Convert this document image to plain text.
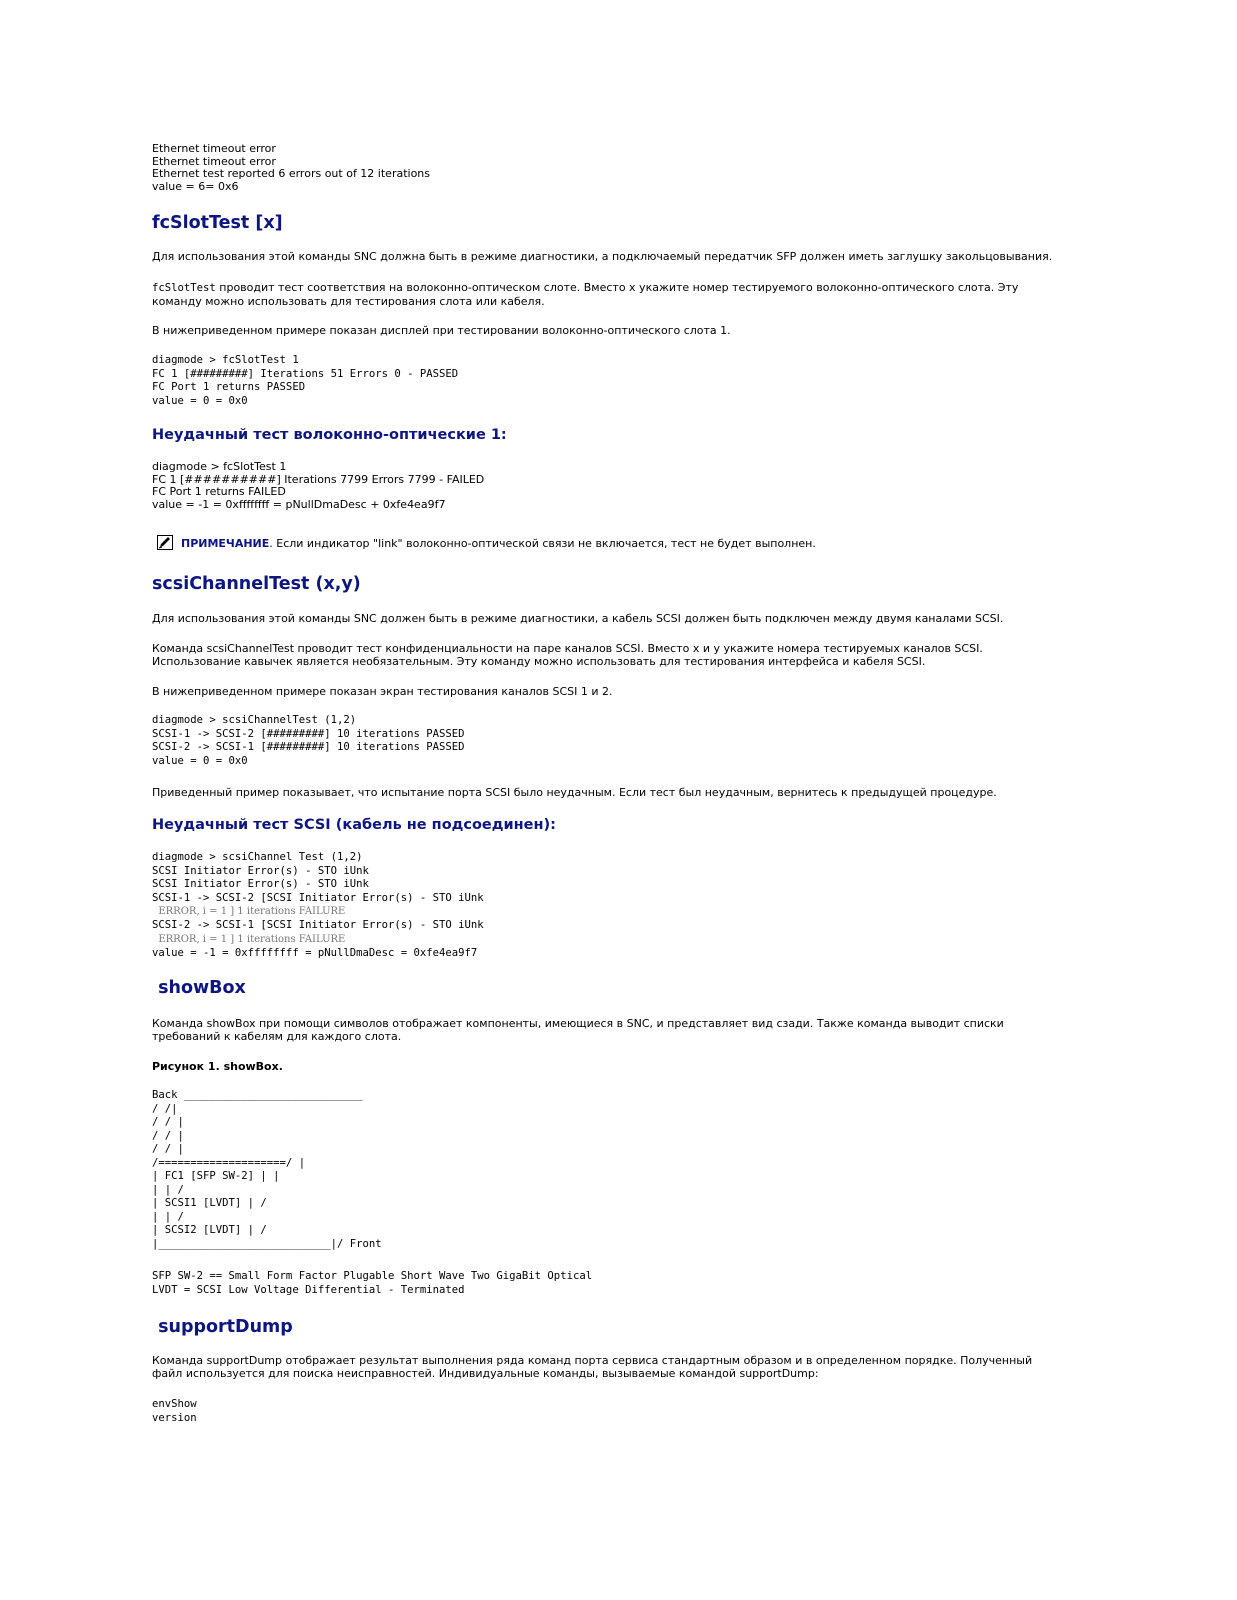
Ethernet timeout error
Ethernet timeout error
Ethernet test reported 6 errors out of 12 iterations
value = 6= 0x6
fcSlotTest [x]

Для использования этой команды SNC должна быть в режиме диагностики, а подключаемый передатчик SFP должен иметь заглушку закольцовывания.

fcSlotTest проводит тест соответствия на волоконно-оптическом слоте. Вместо x укажите номер тестируемого волоконно-оптического слота. Эту команду можно использовать для тестирования слота или кабеля.

В нижеприведенном примере показан дисплей при тестировании волоконно-оптического слота 1.

diagmode > fcSlotTest 1
FC 1 [#########] Iterations 51 Errors 0 - PASSED
FC Port 1 returns PASSED
value = 0 = 0x0
Неудачный тест волоконно-оптические 1:
diagmode > fcSlotTest 1
FC 1 [##########] Iterations 7799 Errors 7799 - FAILED
FC Port 1 returns FAILED
value = -1 = 0xffffffff = pNullDmaDesc + 0xfe4ea9f7

ПРИМЕЧАНИЕ. Если индикатор "link" волоконно-оптической связи не включается, тест не будет выполнен.

scsiChannelTest (x,y)

Для использования этой команды SNC должен быть в режиме диагностики, а кабель SCSI должен быть подключен между двумя каналами SCSI.

Команда scsiChannelTest проводит тест конфиденциальности на паре каналов SCSI. Вместо x и y укажите номера тестируемых каналов SCSI. Использование кавычек является необязательным. Эту команду можно использовать для тестирования интерфейса и кабеля SCSI.

В нижеприведенном примере показан экран тестирования каналов SCSI 1 и 2.

diagmode > scsiChannelTest (1,2)
SCSI-1 -> SCSI-2 [#########] 10 iterations PASSED
SCSI-2 -> SCSI-1 [#########] 10 iterations PASSED
value = 0 = 0x0

Приведенный пример показывает, что испытание порта SCSI было неудачным. Если тест был неудачным, вернитесь к предыдущей процедуре.

Неудачный тест SCSI (кабель не подсоединен):
diagmode > scsiChannel Test (1,2)
SCSI Initiator Error(s) - STO iUnk
SCSI Initiator Error(s) - STO iUnk
SCSI-1 -> SCSI-2 [SCSI Initiator Error(s) - STO iUnk
ERROR, i = 1 ] 1 iterations FAILURE
SCSI-2 -> SCSI-1 [SCSI Initiator Error(s) - STO iUnk
ERROR, i = 1 ] 1 iterations FAILURE
value = -1 = 0xffffffff = pNullDmaDesc = 0xfe4ea9f7
showBox

Команда showBox при помощи символов отображает компоненты, имеющиеся в SNC, и представляет вид сзади. Также команда выводит списки требований к кабелям для каждого слота.

Рисунок 1. showBox.

Back ____________________________
/ /|
/ / |
/ / |
/ / |
/====================/ |
| FC1 [SFP SW-2] | |
| | /
| SCSI1 [LVDT] | /
| | /
| SCSI2 [LVDT] | /
|___________________________|/ Front
SFP SW-2 == Small Form Factor Plugable Short Wave Two GigaBit Optical
LVDT = SCSI Low Voltage Differential - Terminated
supportDump

Команда supportDump отображает результат выполнения ряда команд порта сервиса стандартным образом и в определенном порядке. Полученный файл используется для поиска неисправностей. Индивидуальные команды, вызываемые командой supportDump:

envShow
version
